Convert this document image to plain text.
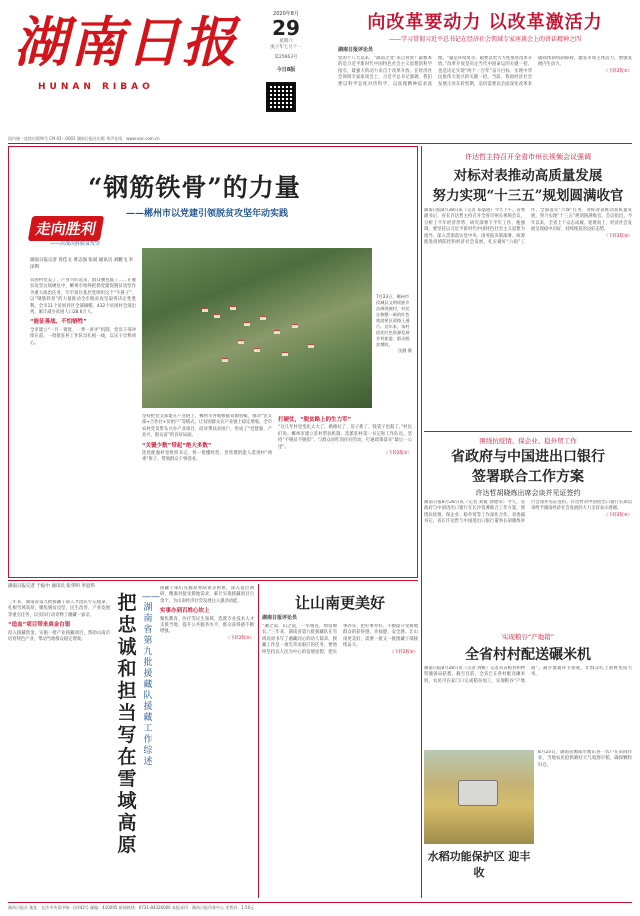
湖南日报
HUNAN RIBAO
2020年8月
29
星期六
庚子年七月十一
第25663号
今日8版
向改革要动力 以改革激活力
——学习贯彻习近平总书记在经济社会领域专家座谈会上的讲话精神之四
湖南日报评论员
党的十八大以来，“湖南之变”来自何处？最根本的是习近平新时代中国特色社会主义思想的科学指引，最强大的动力来自于改革开放。在经济社会领域专家座谈会上，习近平总书记强调，我们要以科学态度对待科学、以真理精神追求真理。“越是环境复杂，越要以更大力度推进改革开放。”改革开放是决定当代中国命运的关键一招，也是决定实现“两个一百年”奋斗目标、实现中华民族伟大复兴的关键一招。当前，我国经济社会发展正处在转型期，迫切需要以全面深化改革来破除体制机制障碍，激发市场主体活力，增强发展内生动力。
（下转2版②）
国内统一连续出版物号 CN 43－0001 湖南日报社出版 华声在线：www.voc.com.cn
“钢筋铁骨”的力量
——郴州市以党建引领脱贫攻坚年动实践
走向胜利
——决战决胜脱贫攻坚
湖南日报记者 曾佳文 黄志强 张斌 通讯员 刘鹏飞 李泽利
贫困村变美了，产业兴旺起来，群众腰包鼓了……在脱贫攻坚这场硬仗中，郴州市始终把抓党建促脱贫攻坚作为重大政治任务，牢牢扭住基层党组织这个“牛鼻子”，以“钢筋铁骨”的力量推动全市脱贫攻坚取得决定性胜利。全市11个贫困县区全部摘帽，432个贫困村全部出列，累计减少贫困人口28.6万人。
“能征善战、不怕牺牲”
全市建立“一月一调度、一季一讲评”机制，党员干部冲锋在前，一批批驻村工作队员扎根一线，以实干诠释初心。
7月23日，郴州市汝城县文明瑶族乡沙洲瑶族村，村民在修整一新的红色旅游景区道路上通行。近年来，该村依托红色资源发展乡村旅游，群众脱贫增收。
沈健 摄
坚持把党支部建在产业链上，郴州市各地根据资源禀赋，推动“党支部+合作社+贫困户”等模式，让贫困群众在产业链上稳定增收。全市农村党员带头兴办产业项目，结对帮扶贫困户，形成了“党建强、产业兴、群众富”的良好局面。
“关键少数”带起“绝大多数”
选优配强村党组织书记，将一批懂经营、善管理的能人选进村“两委”班子，带领群众干事创业。
打硬仗，“脱贫路上的生力军”
“这几年村里变化太大了，路修好了、房子新了、钱袋子也鼓了。”村民们说。郴州市建立驻村帮扶机制，选派驻村第一书记和工作队员，坚持“不脱贫不脱钩”，与群众同吃同住同劳动，打通政策落实“最后一公里”。
（下转2版②）
许达哲主持召开全省市州长视频会议强调
对标对表推动高质量发展
努力实现“十三五”规划圆满收官
湖南日报8月28日讯（记者 邓晶琎）今天下午，省委副书记、省长许达哲主持召开全省市州长视频会议，分析上半年经济形势，研究部署下半年工作。他强调，要坚持以习近平新时代中国特色社会主义思想为指导，深入贯彻落实党中央、国务院决策部署，统筹推进疫情防控和经济社会发展，扎实做好“六稳”工作，全面落实“六保”任务，对标对表推动高质量发展，努力实现“十三五”规划圆满收官。会议指出，今年以来，全省上下众志成城、迎难而上，经济社会发展呈现稳中向好、持续恢复的良好态势。
（下转2版③）
围绕抗疫情、保企业、稳外贸工作
省政府与中国进出口银行
签署联合工作方案
许达哲胡晓炼出席会谈并见证签约
湖南日报8月28日讯（记者 刘银 徐德荣）今天，省政府与中国进出口银行在长沙签署联合工作方案，围绕抗疫情、保企业、稳外贸等工作深化合作。省委副书记、省长许达哲与中国进出口银行董事长胡晓炼举行会谈并见证签约。许达哲对中国进出口银行长期以来给予湖南经济社会发展的大力支持表示感谢。
（下转2版④）
实现粮谷“产地销”
全省村村配送碾米机
湖南日报8月28日讯（记者 周帆）记者从省粮食和物资储备局获悉，截至目前，全省已在各村配送碾米机，农民可在家门口完成稻谷加工，实现粮谷“产地销”，减少流通环节损耗，让群众吃上新鲜优质大米。
8月23日，湖南省衡阳市衡东县一农户在田间作业，当地农民抢抓晴好天气收割早稻，确保颗粒归仓。
水稻功能保护区 迎丰收
湖南日报记者 于振中 通讯员 张华明 李思伟
三年来，湖南省第九批援藏干部人才团队牢记使命，扎根雪域高原，聚焦脱贫攻坚、民生改善、产业发展等重点任务，以实际行动诠释了湘藏一家亲。
“造血”项目带来真金白银
投入援藏资金，实施一批产业援藏项目，帮助山南市培育特色产业，带动当地群众稳定增收。
把忠诚和担当写在雪域高原
——湖南省第九批援藏队援藏工作综述
援藏干部们克服高寒缺氧等困难，深入基层调研，精准对接受援地需求，累计实施援藏项目百余个，为山南经济社会发展注入强劲动能。
实事办到百姓心坎上
聚焦教育、医疗等民生领域，选派专业技术人才支援当地，提升公共服务水平，群众获得感不断增强。
（下转2版⑤）
让山南更美好
湖南日报评论员
“湘之南，山之南，一水相连，情谊绵长。”三年来，湖南省第九批援藏队在雪域高原书写了湘藏同心的动人篇章。援藏工作是一项光荣而艰巨的任务，要始终坚持以人民为中心的发展思想，把实事办实、把好事办好，不断提升受援地群众的获得感、幸福感、安全感。让山南更美好，需要一批又一批援藏干部接续奋斗。
（下转2版⑥）
湖南日报社 地址：长沙市芙蓉中路一段442号 邮编：410005 新闻热线：0731-84326000 本报承印：湖南日报印务中心 零售价：1.50元
